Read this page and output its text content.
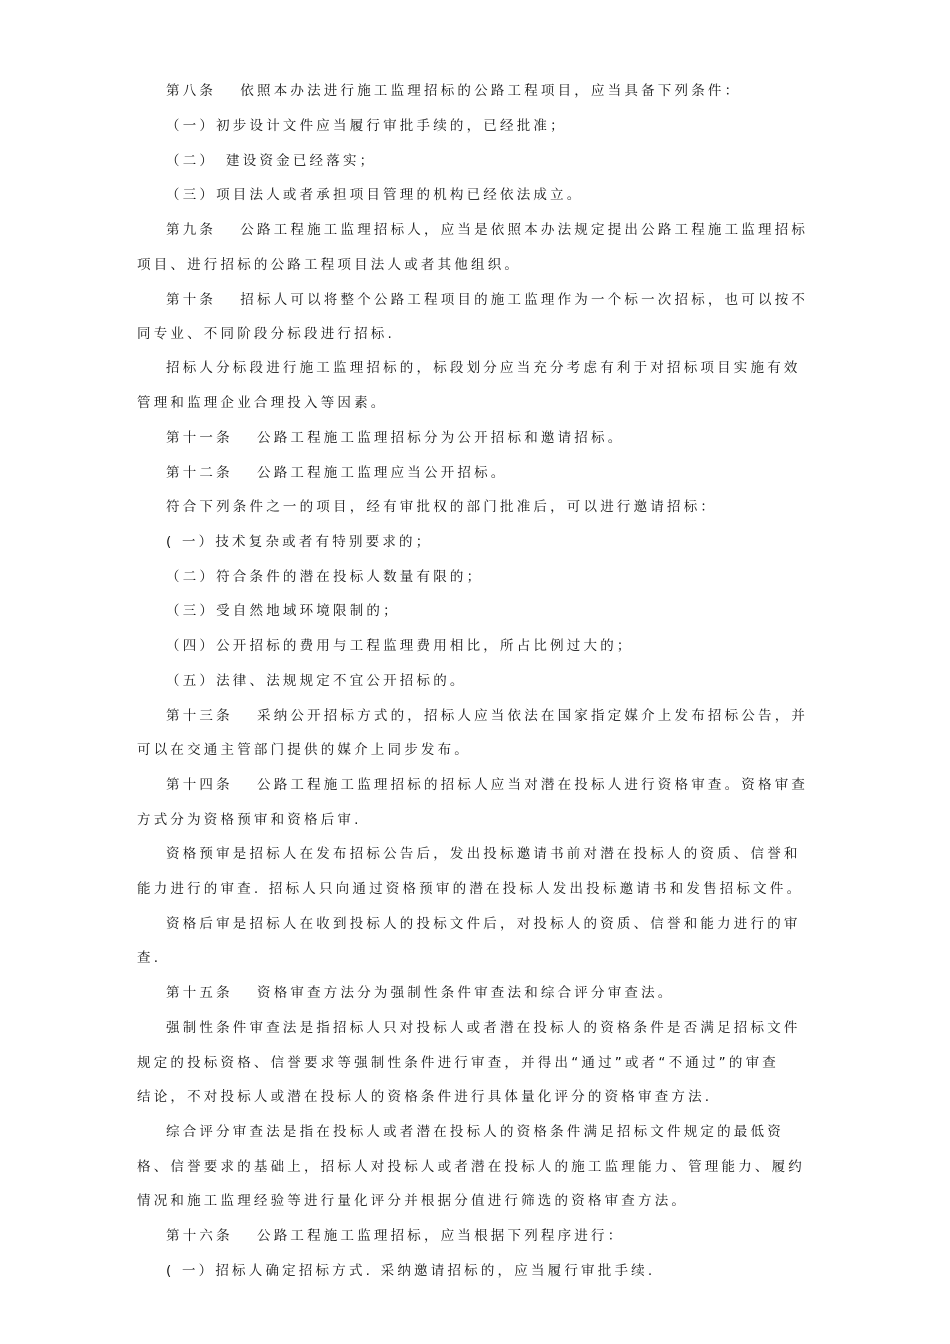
第八条　 依照本办法进行施工监理招标的公路工程项目，应当具备下列条件：
（一）初步设计文件应当履行审批手续的，已经批准；
（二）　建设资金已经落实；
（三）项目法人或者承担项目管理的机构已经依法成立。
第九条　 公路工程施工监理招标人，应当是依照本办法规定提出公路工程施工监理招标
项目、进行招标的公路工程项目法人或者其他组织。
第十条　 招标人可以将整个公路工程项目的施工监理作为一个标一次招标，也可以按不
同专业、不同阶段分标段进行招标.
招标人分标段进行施工监理招标的，标段划分应当充分考虑有利于对招标项目实施有效
管理和监理企业合理投入等因素。
第十一条　 公路工程施工监理招标分为公开招标和邀请招标。
第十二条　 公路工程施工监理应当公开招标。
符合下列条件之一的项目，经有审批权的部门批准后，可以进行邀请招标：
( 一）技术复杂或者有特别要求的；
（二）符合条件的潜在投标人数量有限的；
（三）受自然地域环境限制的；
（四）公开招标的费用与工程监理费用相比，所占比例过大的；
（五）法律、法规规定不宜公开招标的。
第十三条　 采纳公开招标方式的，招标人应当依法在国家指定媒介上发布招标公告，并
可以在交通主管部门提供的媒介上同步发布。
第十四条　 公路工程施工监理招标的招标人应当对潜在投标人进行资格审查。资格审查
方式分为资格预审和资格后审.
资格预审是招标人在发布招标公告后，发出投标邀请书前对潜在投标人的资质、信誉和
能力进行的审查. 招标人只向通过资格预审的潜在投标人发出投标邀请书和发售招标文件。
资格后审是招标人在收到投标人的投标文件后，对投标人的资质、信誉和能力进行的审
查.
第十五条　 资格审查方法分为强制性条件审查法和综合评分审查法。
强制性条件审查法是指招标人只对投标人或者潜在投标人的资格条件是否满足招标文件
规定的投标资格、信誉要求等强制性条件进行审查，并得出“通过”或者“不通过”的审查
结论，不对投标人或潜在投标人的资格条件进行具体量化评分的资格审查方法.
综合评分审查法是指在投标人或者潜在投标人的资格条件满足招标文件规定的最低资
格、信誉要求的基础上，招标人对投标人或者潜在投标人的施工监理能力、管理能力、履约
情况和施工监理经验等进行量化评分并根据分值进行筛选的资格审查方法。
第十六条　 公路工程施工监理招标，应当根据下列程序进行：
( 一）招标人确定招标方式. 采纳邀请招标的，应当履行审批手续.
